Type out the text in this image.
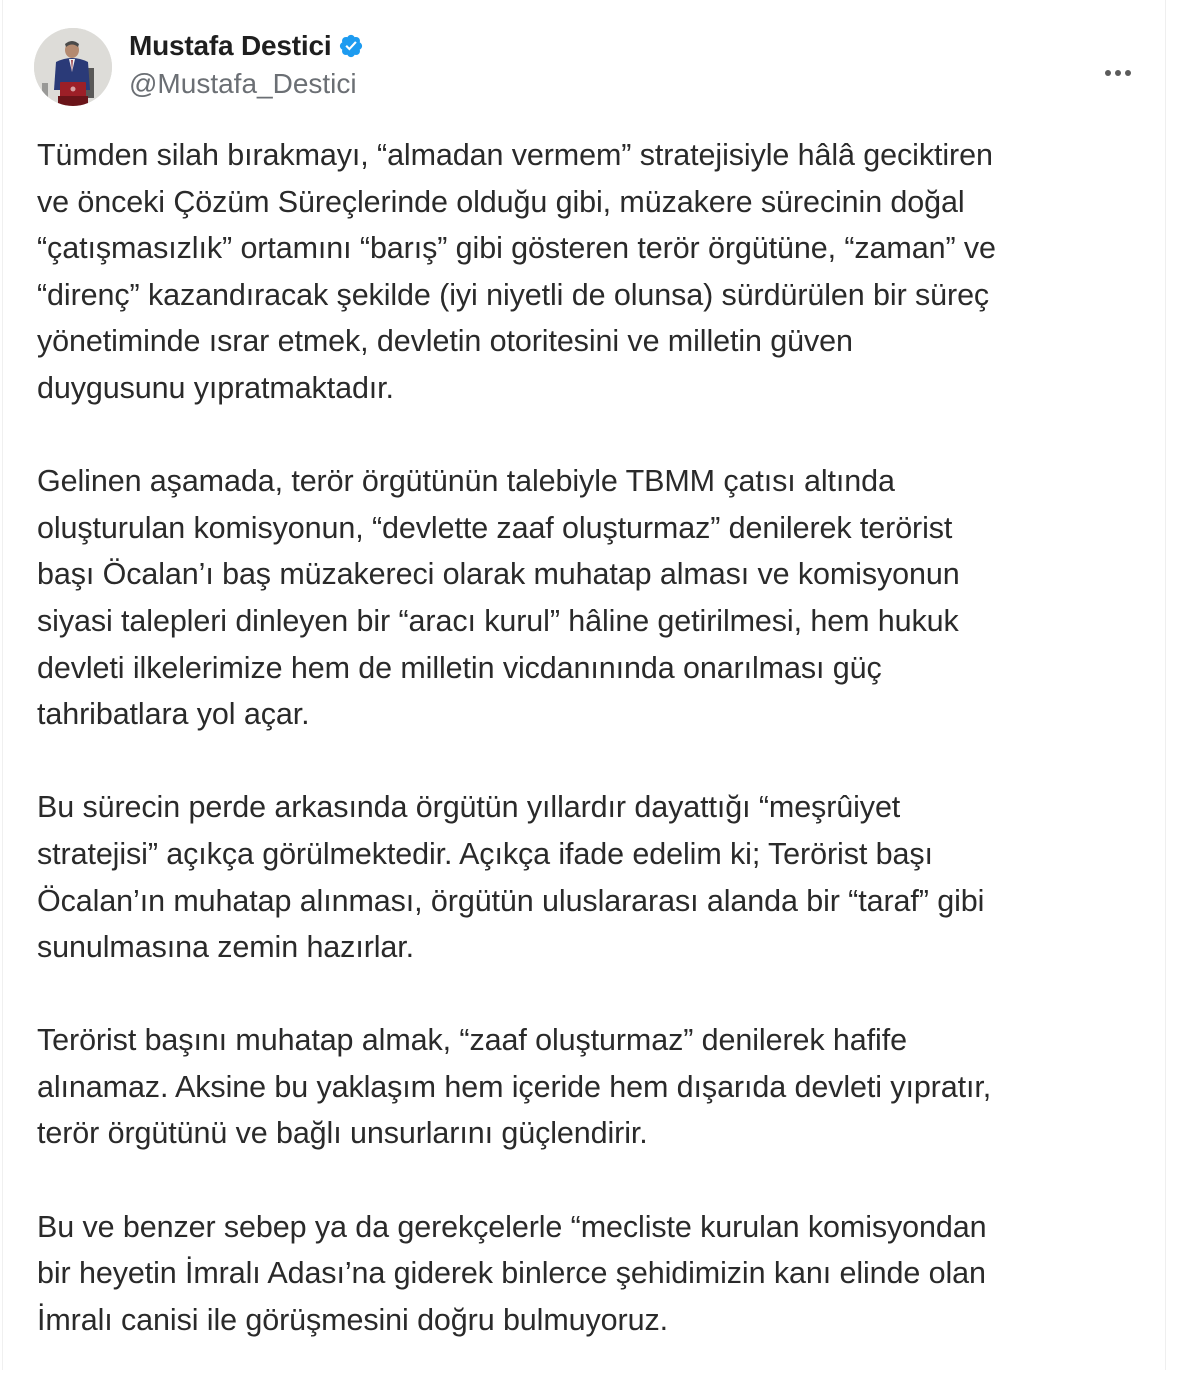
Mustafa Destici
@Mustafa_Destici

Tümden silah bırakmayı, “almadan vermem” stratejisiyle hâlâ geciktiren
ve önceki Çözüm Süreçlerinde olduğu gibi, müzakere sürecinin doğal
“çatışmasızlık” ortamını “barış” gibi gösteren terör örgütüne, “zaman” ve
“direnç” kazandıracak şekilde (iyi niyetli de olunsa) sürdürülen bir süreç
yönetiminde ısrar etmek, devletin otoritesini ve milletin güven
duygusunu yıpratmaktadır.

Gelinen aşamada, terör örgütünün talebiyle TBMM çatısı altında
oluşturulan komisyonun, “devlette zaaf oluşturmaz” denilerek terörist
başı Öcalan’ı baş müzakereci olarak muhatap alması ve komisyonun
siyasi talepleri dinleyen bir “aracı kurul” hâline getirilmesi, hem hukuk
devleti ilkelerimize hem de milletin vicdanınında onarılması güç
tahribatlara yol açar.

Bu sürecin perde arkasında örgütün yıllardır dayattığı “meşrûiyet
stratejisi” açıkça görülmektedir. Açıkça ifade edelim ki; Terörist başı
Öcalan’ın muhatap alınması, örgütün uluslararası alanda bir “taraf” gibi
sunulmasına zemin hazırlar.

Terörist başını muhatap almak, “zaaf oluşturmaz” denilerek hafife
alınamaz. Aksine bu yaklaşım hem içeride hem dışarıda devleti yıpratır,
terör örgütünü ve bağlı unsurlarını güçlendirir.

Bu ve benzer sebep ya da gerekçelerle “mecliste kurulan komisyondan
bir heyetin İmralı Adası’na giderek binlerce şehidimizin kanı elinde olan
İmralı canisi ile görüşmesini doğru bulmuyoruz.
